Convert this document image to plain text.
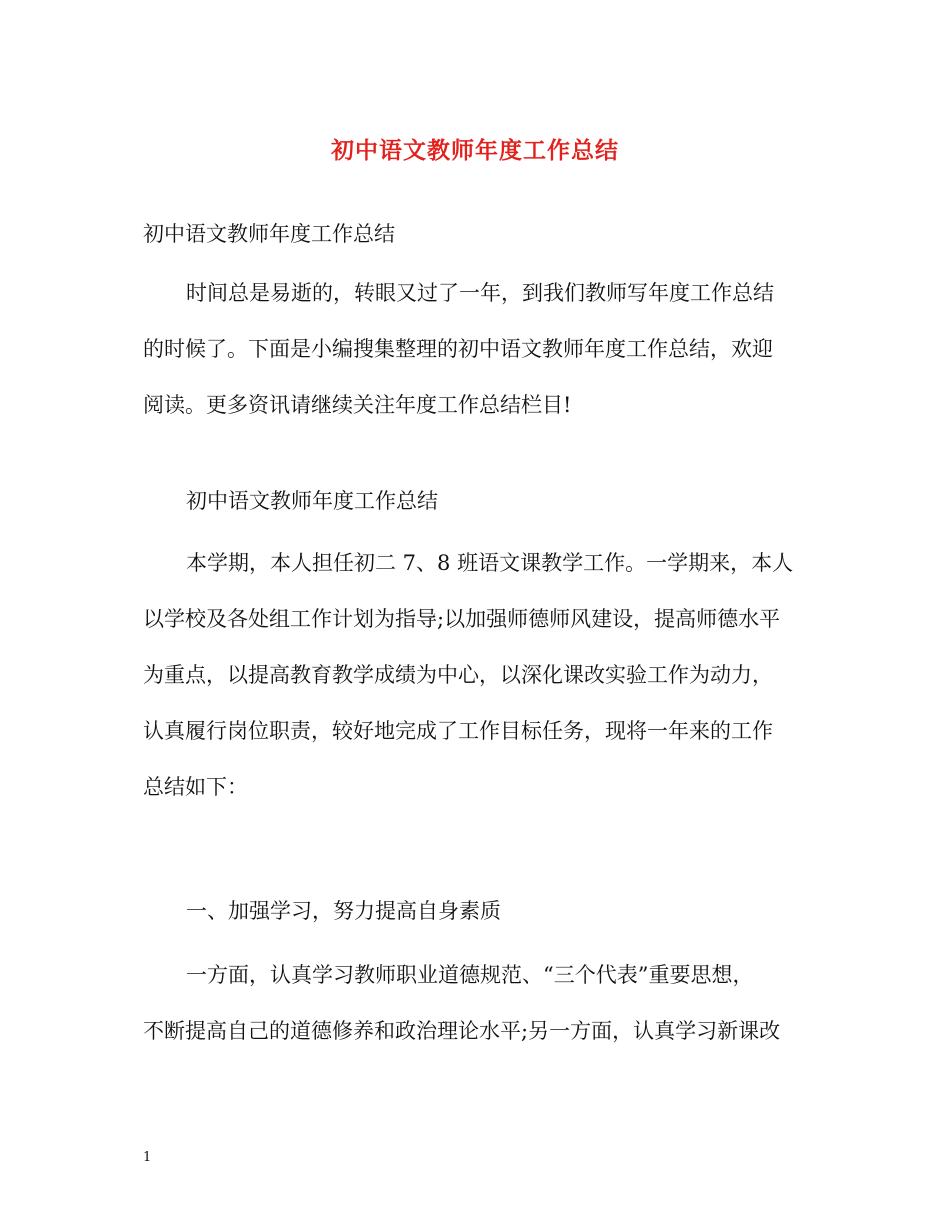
初中语文教师年度工作总结
初中语文教师年度工作总结
时间总是易逝的，转眼又过了一年，到我们教师写年度工作总结
的时候了。下面是小编搜集整理的初中语文教师年度工作总结，欢迎
阅读。更多资讯请继续关注年度工作总结栏目!
初中语文教师年度工作总结
本学期，本人担任初二 7、8 班语文课教学工作。一学期来，本人
以学校及各处组工作计划为指导;以加强师德师风建设，提高师德水平
为重点，以提高教育教学成绩为中心，以深化课改实验工作为动力，
认真履行岗位职责，较好地完成了工作目标任务，现将一年来的工作
总结如下：
一、加强学习，努力提高自身素质
一方面，认真学习教师职业道德规范、“三个代表”重要思想，
不断提高自己的道德修养和政治理论水平;另一方面，认真学习新课改
1
